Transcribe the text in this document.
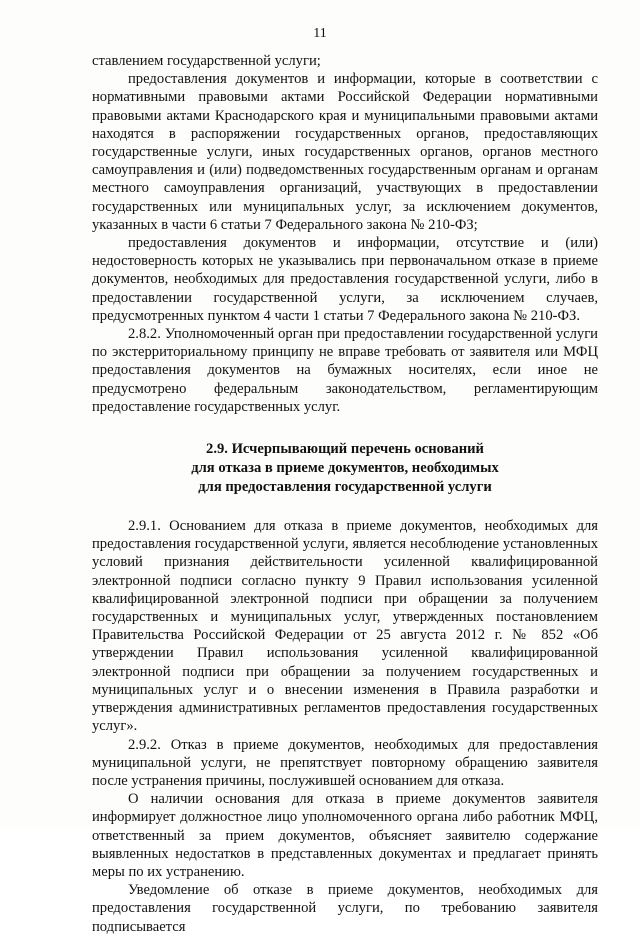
11

ставлением государственной услуги;

предоставления документов и информации, которые в соответствии с нормативными правовыми актами Российской Федерации нормативными правовыми актами Краснодарского края и муниципальными правовыми актами находятся в распоряжении государственных органов, предоставляющих государственные услуги, иных государственных органов, органов местного самоуправления и (или) подведомственных государственным органам и органам местного самоуправления организаций, участвующих в предоставлении государственных или муниципальных услуг, за исключением документов, указанных в части 6 статьи 7 Федерального закона № 210-ФЗ;

предоставления документов и информации, отсутствие и (или) недостоверность которых не указывались при первоначальном отказе в приеме документов, необходимых для предоставления государственной услуги, либо в предоставлении государственной услуги, за исключением случаев, предусмотренных пунктом 4 части 1 статьи 7 Федерального закона № 210-ФЗ.

2.8.2. Уполномоченный орган при предоставлении государственной услуги по экстерриториальному принципу не вправе требовать от заявителя или МФЦ предоставления документов на бумажных носителях, если иное не предусмотрено федеральным законодательством, регламентирующим предоставление государственных услуг.

2.9. Исчерпывающий перечень оснований
для отказа в приеме документов, необходимых
для предоставления государственной услуги

2.9.1. Основанием для отказа в приеме документов, необходимых для предоставления государственной услуги, является несоблюдение установленных условий признания действительности усиленной квалифицированной электронной подписи согласно пункту 9 Правил использования усиленной квалифицированной электронной подписи при обращении за получением государственных и муниципальных услуг, утвержденных постановлением Правительства Российской Федерации от 25 августа 2012 г. № 852 «Об утверждении Правил использования усиленной квалифицированной электронной подписи при обращении за получением государственных и муниципальных услуг и о внесении изменения в Правила разработки и утверждения административных регламентов предоставления государственных услуг».

2.9.2. Отказ в приеме документов, необходимых для предоставления муниципальной услуги, не препятствует повторному обращению заявителя после устранения причины, послужившей основанием для отказа.

О наличии основания для отказа в приеме документов заявителя информирует должностное лицо уполномоченного органа либо работник МФЦ, ответственный за прием документов, объясняет заявителю содержание выявленных недостатков в представленных документах и предлагает принять меры по их устранению.

Уведомление об отказе в приеме документов, необходимых для предоставления государственной услуги, по требованию заявителя подписывается
